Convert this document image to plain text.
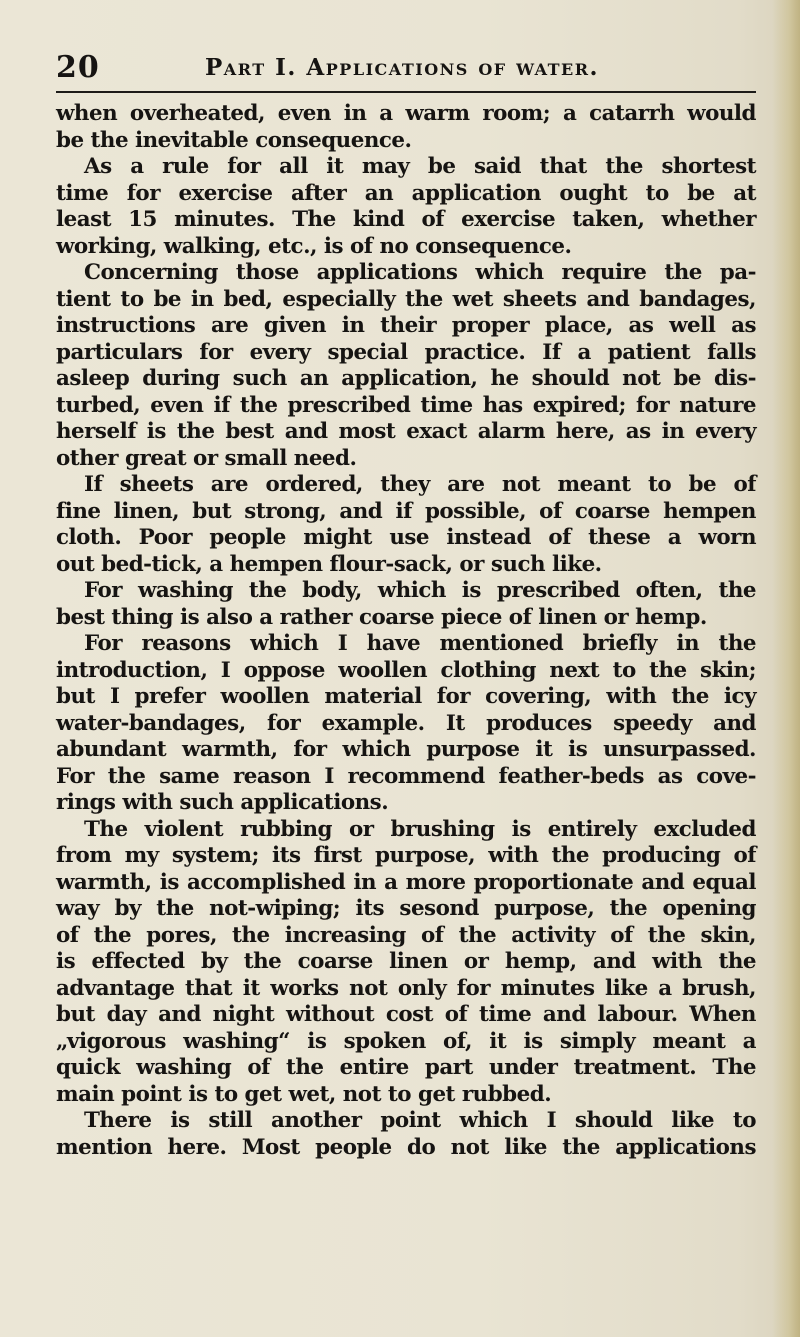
20	Part I. Applications of water.
when overheated, even in a warm room; a catarrh would
be the inevitable consequence.
As a rule for all it may be said that the shortest
time for exercise after an application ought to be at
least 15 minutes. The kind of exercise taken, whether
working, walking, etc., is of no consequence.
Concerning those applications which require the pa-
tient to be in bed, especially the wet sheets and bandages,
instructions are given in their proper place, as well as
particulars for every special practice. If a patient falls
asleep during such an application, he should not be dis-
turbed, even if the prescribed time has expired; for nature
herself is the best and most exact alarm here, as in every
other great or small need.
If sheets are ordered, they are not meant to be of
fine linen, but strong, and if possible, of coarse hempen
cloth. Poor people might use instead of these a worn
out bed-tick, a hempen flour-sack, or such like.
For washing the body, which is prescribed often, the
best thing is also a rather coarse piece of linen or hemp.
For reasons which I have mentioned briefly in the
introduction, I oppose woollen clothing next to the skin;
but I prefer woollen material for covering, with the icy
water-bandages, for example. It produces speedy and
abundant warmth, for which purpose it is unsurpassed.
For the same reason I recommend feather-beds as cove-
rings with such applications.
The violent rubbing or brushing is entirely excluded
from my system; its first purpose, with the producing of
warmth, is accomplished in a more proportionate and equal
way by the not-wiping; its sesond purpose, the opening
of the pores, the increasing of the activity of the skin,
is effected by the coarse linen or hemp, and with the
advantage that it works not only for minutes like a brush,
but day and night without cost of time and labour. When
„vigorous washing“ is spoken of, it is simply meant a
quick washing of the entire part under treatment. The
main point is to get wet, not to get rubbed.
There is still another point which I should like to
mention here. Most people do not like the applications
